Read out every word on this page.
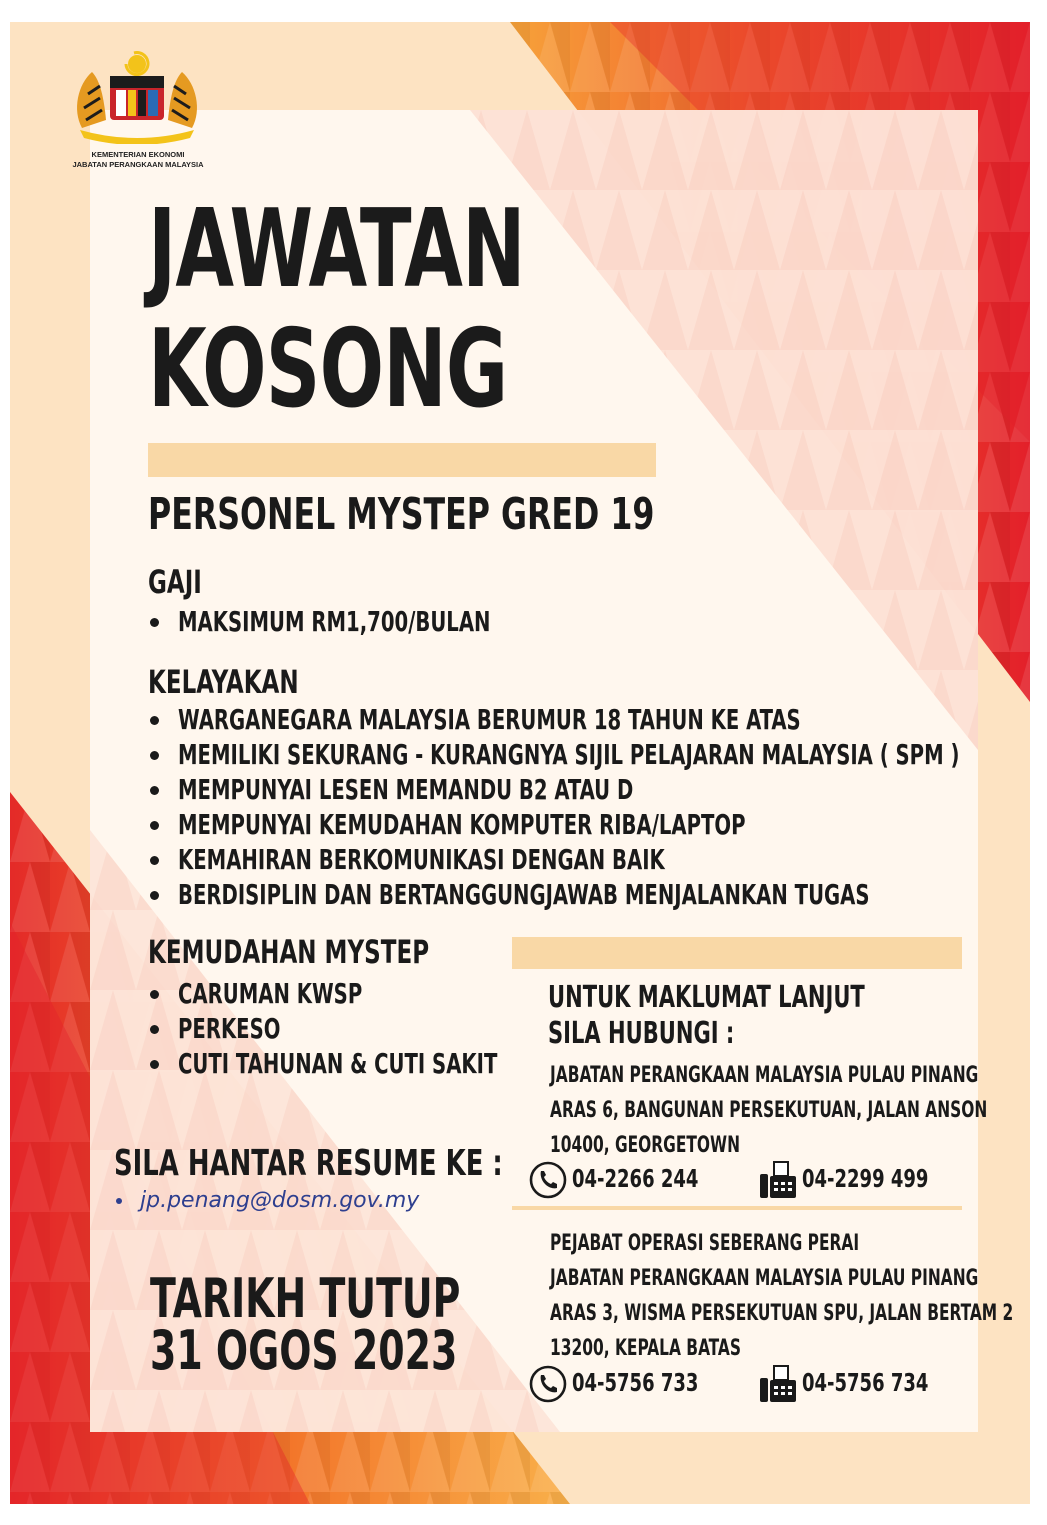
KEMENTERIAN EKONOMI
JABATAN PERANGKAAN MALAYSIA
JAWATAN
KOSONG
PERSONEL MYSTEP GRED 19
GAJI
MAKSIMUM RM1,700/BULAN
KELAYAKAN
WARGANEGARA MALAYSIA BERUMUR 18 TAHUN KE ATAS
MEMILIKI SEKURANG - KURANGNYA SIJIL PELAJARAN MALAYSIA ( SPM )
MEMPUNYAI LESEN MEMANDU B2 ATAU D
MEMPUNYAI KEMUDAHAN KOMPUTER RIBA/LAPTOP
KEMAHIRAN BERKOMUNIKASI DENGAN BAIK
BERDISIPLIN DAN BERTANGGUNGJAWAB MENJALANKAN TUGAS
KEMUDAHAN MYSTEP
CARUMAN KWSP
PERKESO
CUTI TAHUNAN & CUTI SAKIT
SILA HANTAR RESUME KE :
jp.penang@dosm.gov.my
TARIKH TUTUP
31 OGOS 2023
UNTUK MAKLUMAT LANJUT
SILA HUBUNGI :
JABATAN PERANGKAAN MALAYSIA PULAU PINANG
ARAS 6, BANGUNAN PERSEKUTUAN, JALAN ANSON
10400, GEORGETOWN
04-2266 244	04-2299 499
PEJABAT OPERASI SEBERANG PERAI
JABATAN PERANGKAAN MALAYSIA PULAU PINANG
ARAS 3, WISMA PERSEKUTUAN SPU, JALAN BERTAM 2
13200, KEPALA BATAS
04-5756 733	04-5756 734
